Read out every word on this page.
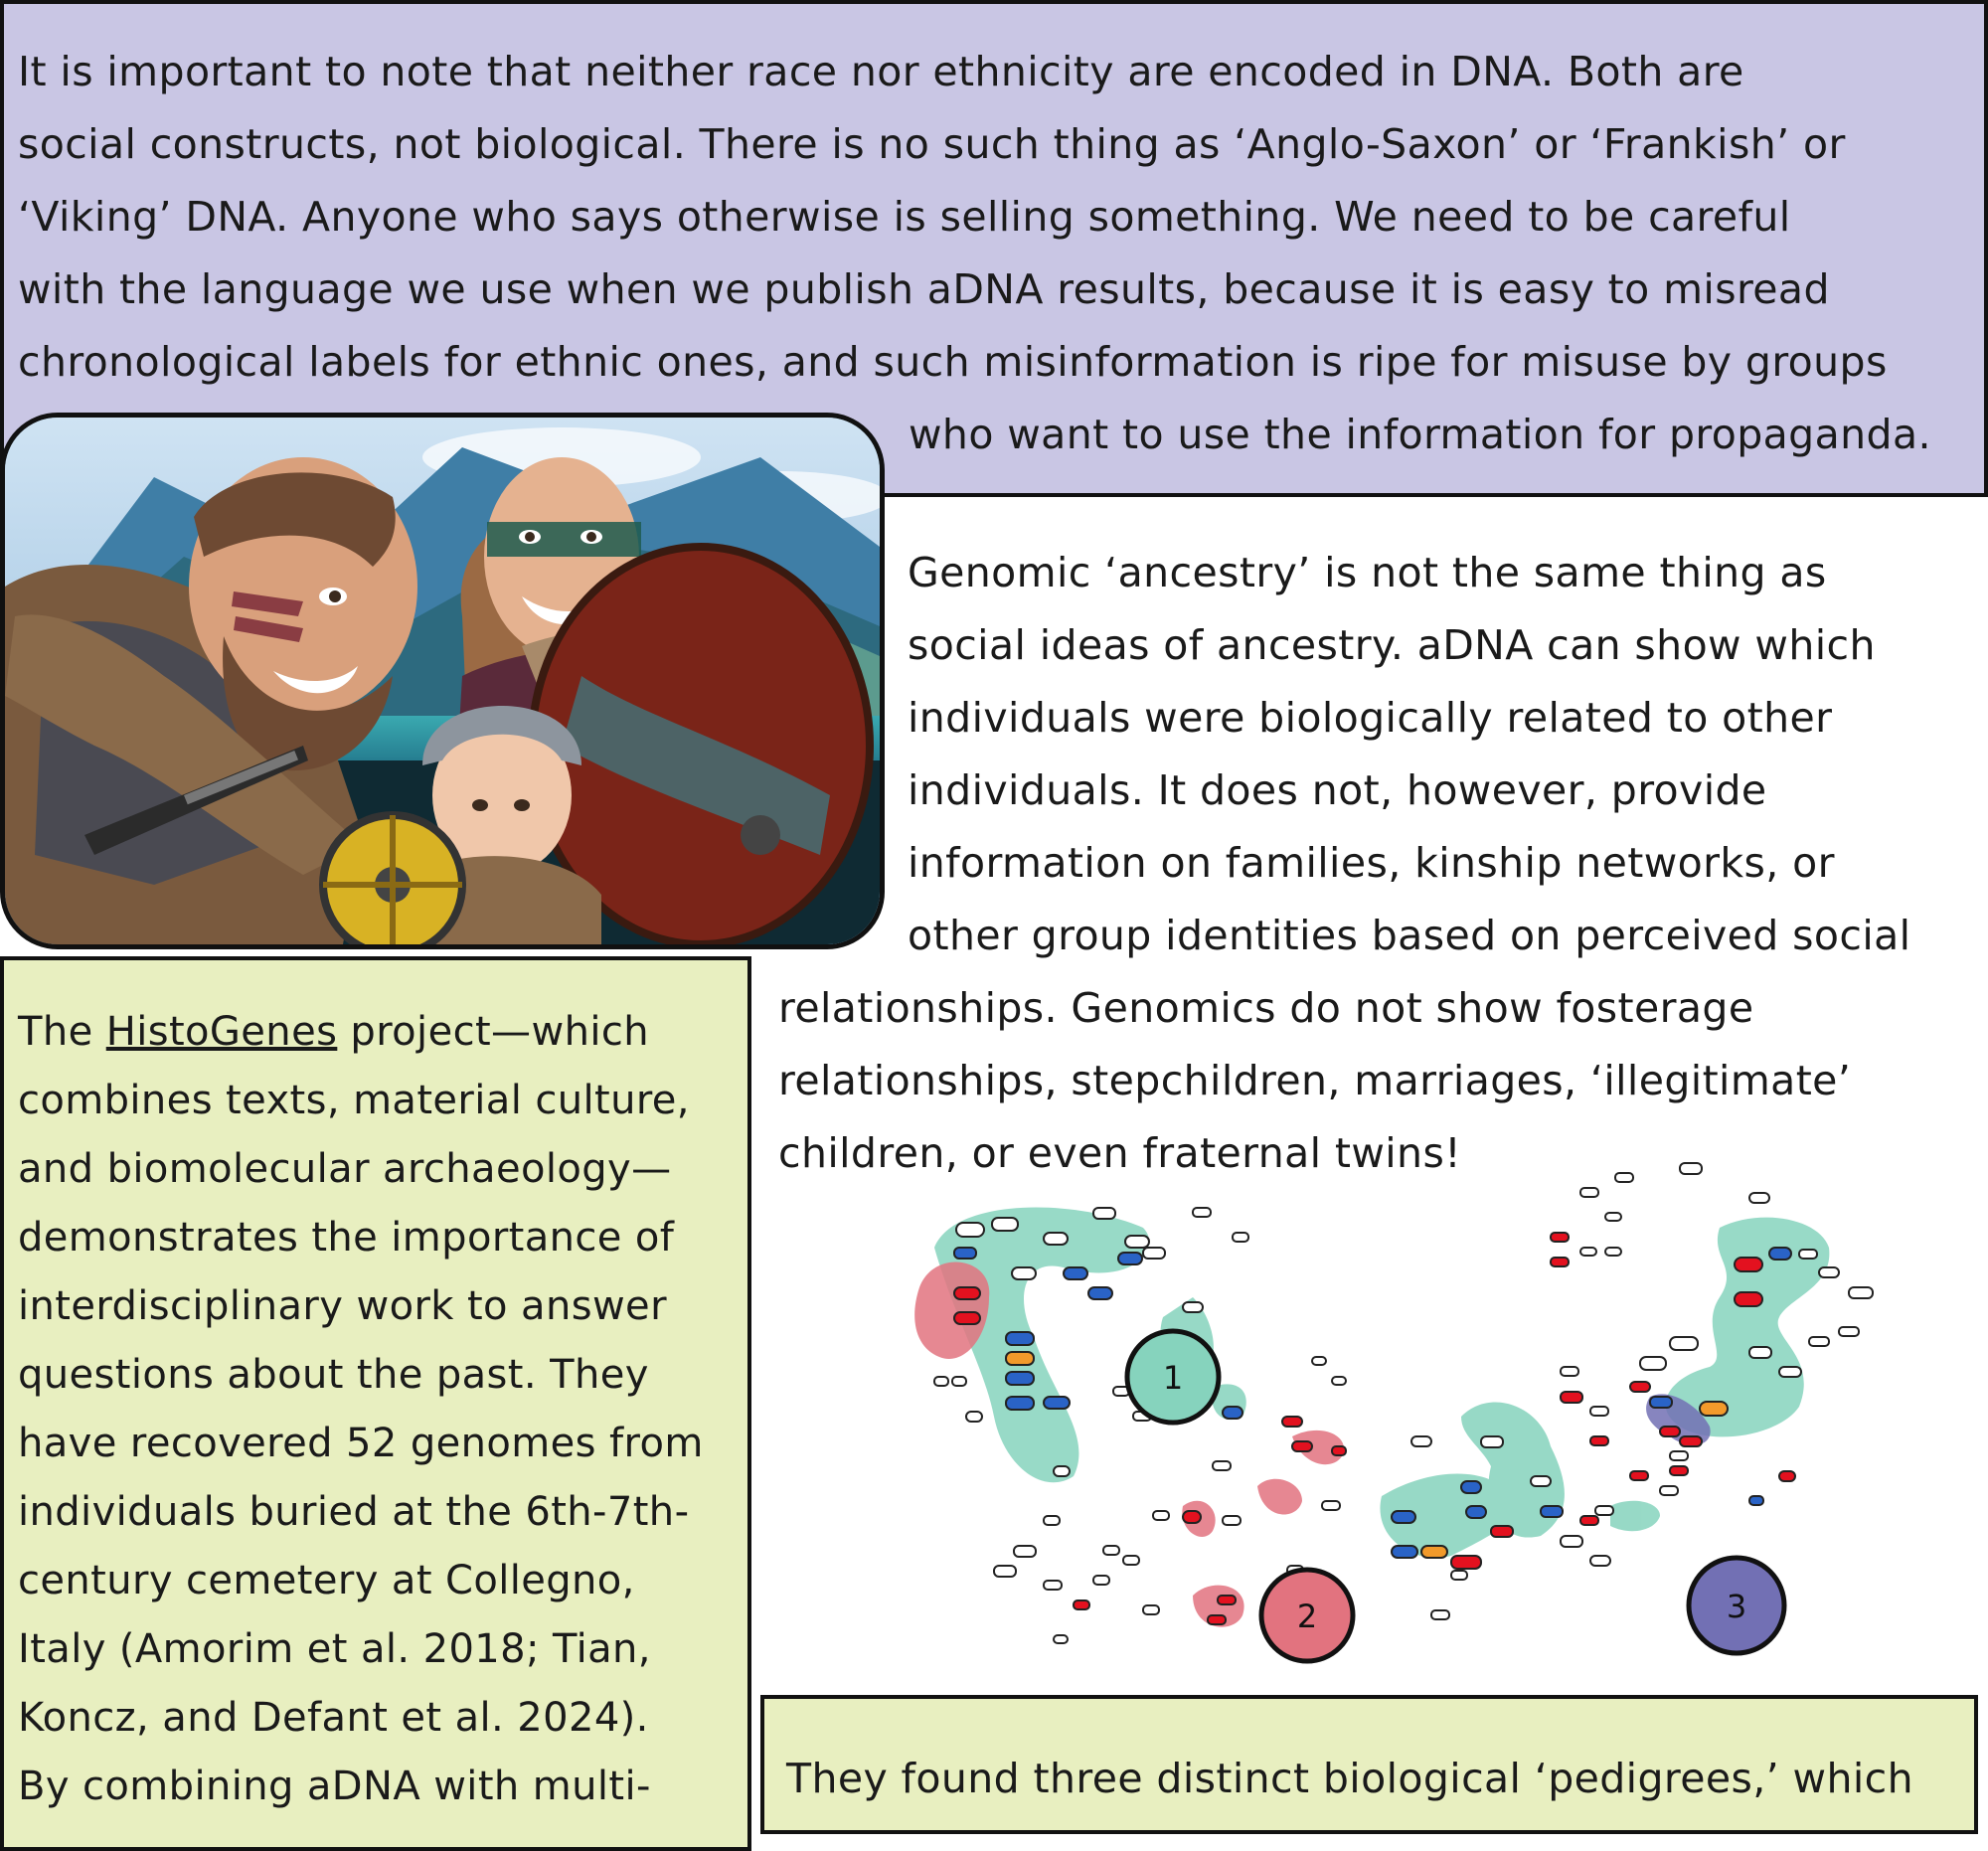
It is important to note that neither race nor ethnicity are encoded in DNA. Both are
social constructs, not biological. There is no such thing as ‘Anglo-Saxon’ or ‘Frankish’ or
‘Viking’ DNA. Anyone who says otherwise is selling something. We need to be careful
with the language we use when we publish aDNA results, because it is easy to misread
chronological labels for ethnic ones, and such misinformation is ripe for misuse by groups
who want to use the information for propaganda.
Genomic ‘ancestry’ is not the same thing as
social ideas of ancestry. aDNA can show which
individuals were biologically related to other
individuals. It does not, however, provide
information on families, kinship networks, or
other group identities based on perceived social
relationships. Genomics do not show fosterage
relationships, stepchildren, marriages, ‘illegitimate’
children, or even fraternal twins!
The HistoGenes project—which
combines texts, material culture,
and biomolecular archaeology—
demonstrates the importance of
interdisciplinary work to answer
questions about the past. They
have recovered 52 genomes from
individuals buried at the 6th-7th-
century cemetery at Collegno,
Italy (Amorim et al. 2018; Tian,
Koncz, and Defant et al. 2024).
By combining aDNA with multi-
1
2	3
They found three distinct biological ‘pedigrees,’ which
